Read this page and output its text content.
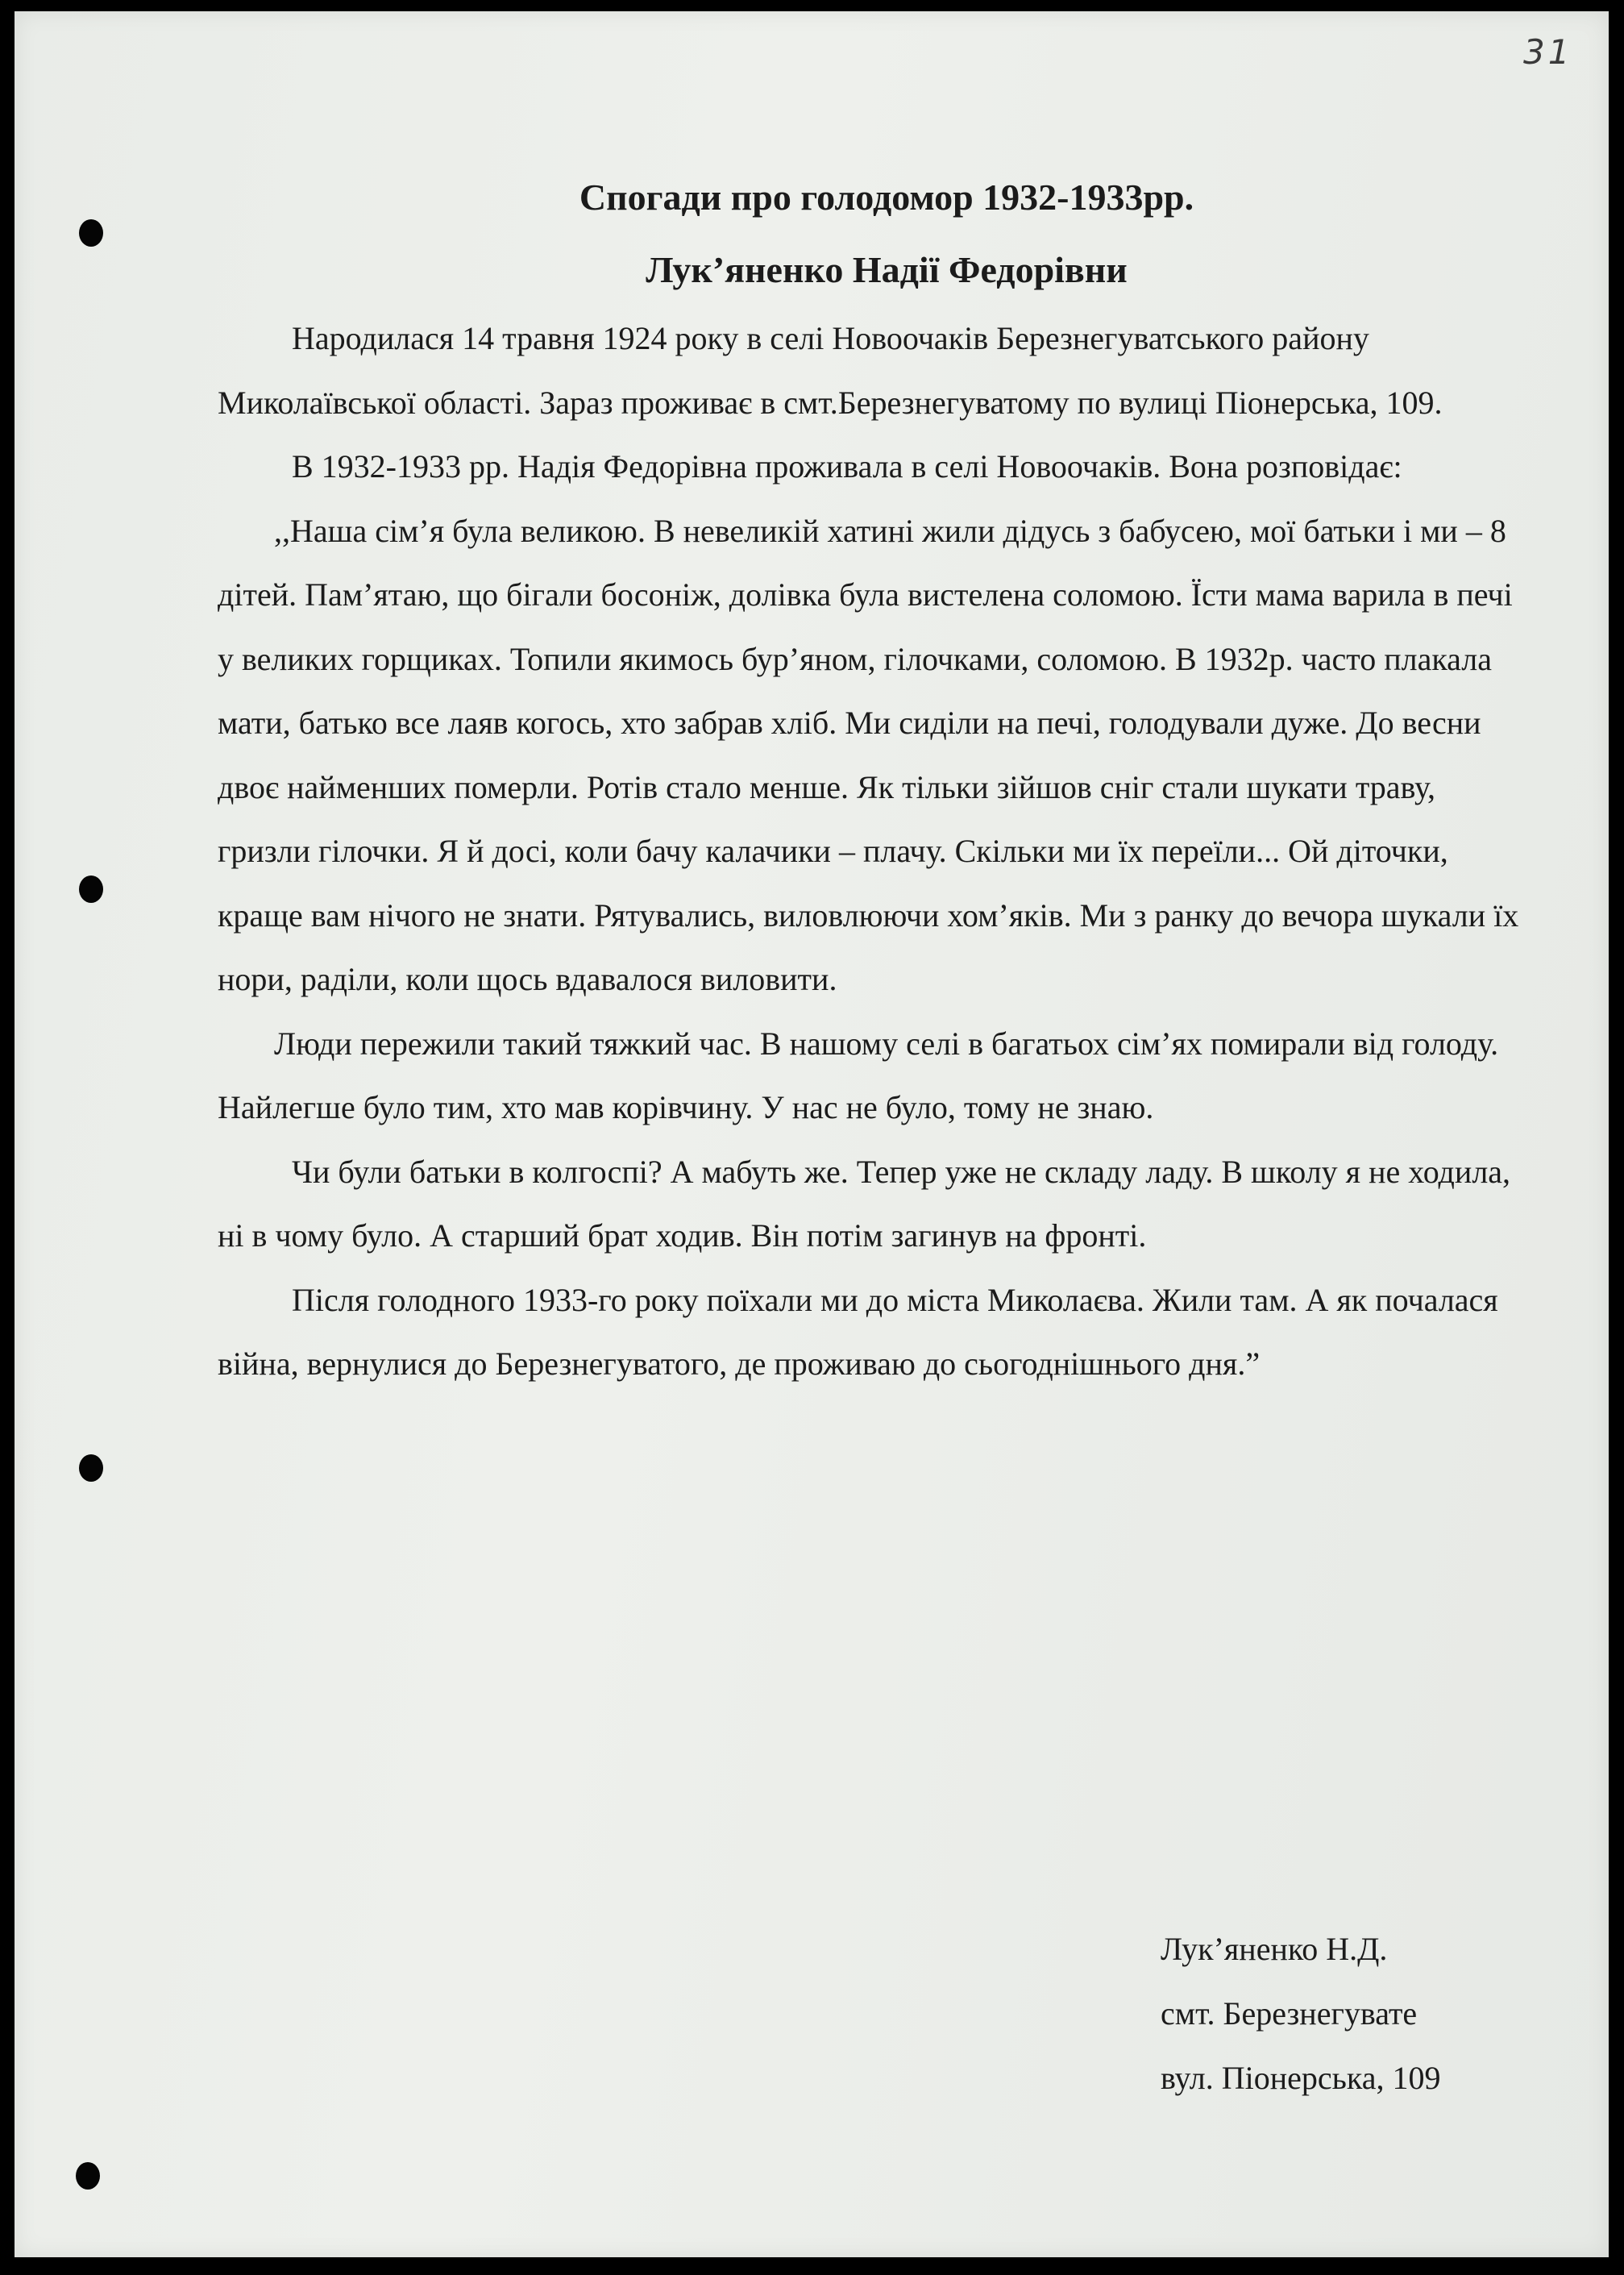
31
Спогади про голодомор 1932-1933рр.
Лук’яненко Надії Федорівни

Народилася 14 травня 1924 року в селі Новоочаків Березнегуватського району Миколаївської області. Зараз проживає в смт.Березнегуватому по вулиці Піонерська, 109.

В 1932-1933 рр. Надія Федорівна проживала в селі Новоочаків. Вона розповідає:

,,Наша сім’я була великою. В невеликій хатині жили дідусь з бабусею, мої батьки і ми – 8 дітей. Пам’ятаю, що бігали босоніж, долівка була вистелена соломою. Їсти мама варила в печі у великих горщиках. Топили якимось бур’яном, гілочками, соломою. В 1932р. часто плакала мати, батько все лаяв когось, хто забрав хліб. Ми сиділи на печі, голодували дуже. До весни двоє найменших померли. Ротів стало менше. Як тільки зійшов сніг стали шукати траву, гризли гілочки. Я й досі, коли бачу калачики – плачу. Скільки ми їх переїли... Ой діточки, краще вам нічого не знати. Рятувались, виловлюючи хом’яків. Ми з ранку до вечора шукали їх нори, раділи, коли щось вдавалося виловити.

Люди пережили такий тяжкий час. В нашому селі в багатьох сім’ях помирали від голоду. Найлегше було тим, хто мав корівчину. У нас не було, тому не знаю.

Чи були батьки в колгоспі? А мабуть же. Тепер уже не складу ладу. В школу я не ходила, ні в чому було. А старший брат ходив. Він потім загинув на фронті.

Після голодного 1933-го року поїхали ми до міста Миколаєва. Жили там. А як почалася війна, вернулися до Березнегуватого, де проживаю до сьогоднішнього дня.”

Лук’яненко Н.Д.
смт. Березнегувате
вул. Піонерська, 109
